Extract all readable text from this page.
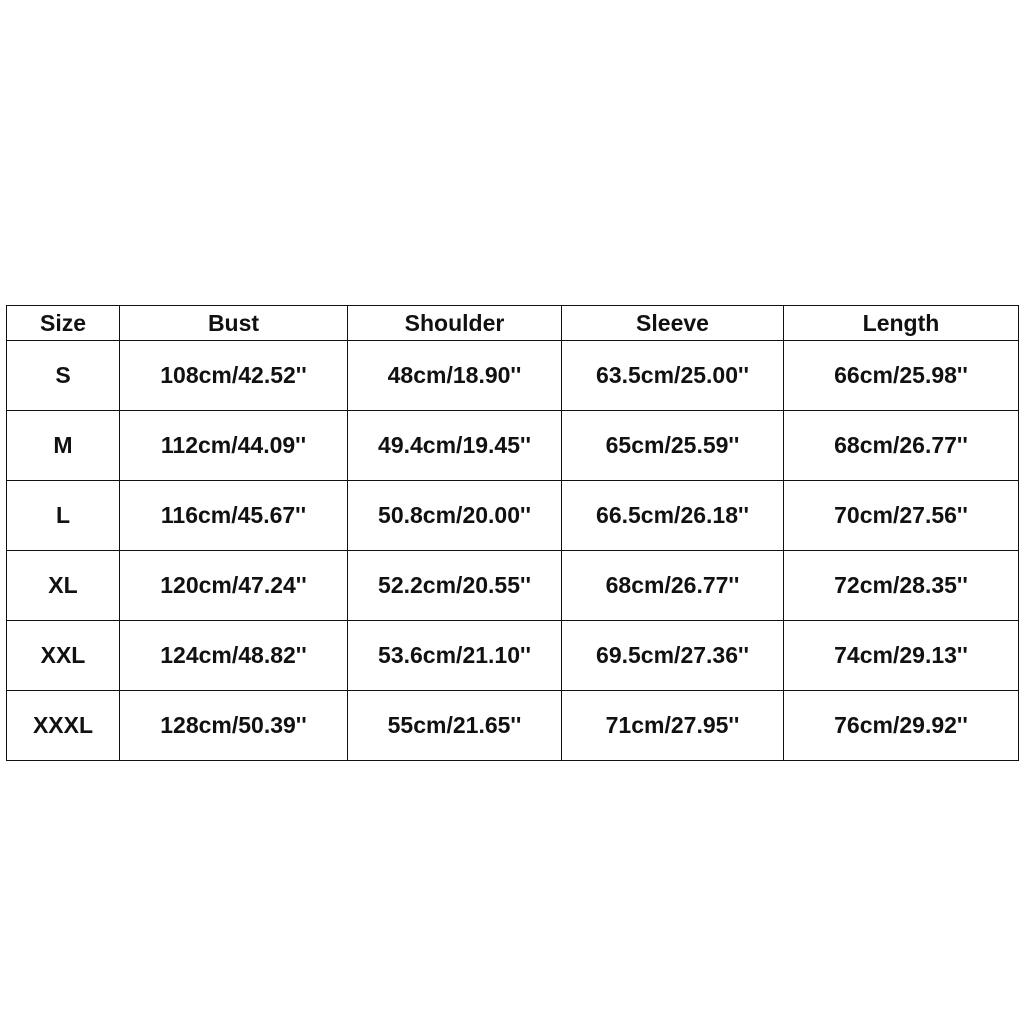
Size	Bust	Shoulder	Sleeve	Length
S	108cm/42.52''	48cm/18.90''	63.5cm/25.00''	66cm/25.98''
M	112cm/44.09''	49.4cm/19.45''	65cm/25.59''	68cm/26.77''
L	116cm/45.67''	50.8cm/20.00''	66.5cm/26.18''	70cm/27.56''
XL	120cm/47.24''	52.2cm/20.55''	68cm/26.77''	72cm/28.35''
XXL	124cm/48.82''	53.6cm/21.10''	69.5cm/27.36''	74cm/29.13''
XXXL	128cm/50.39''	55cm/21.65''	71cm/27.95''	76cm/29.92''
